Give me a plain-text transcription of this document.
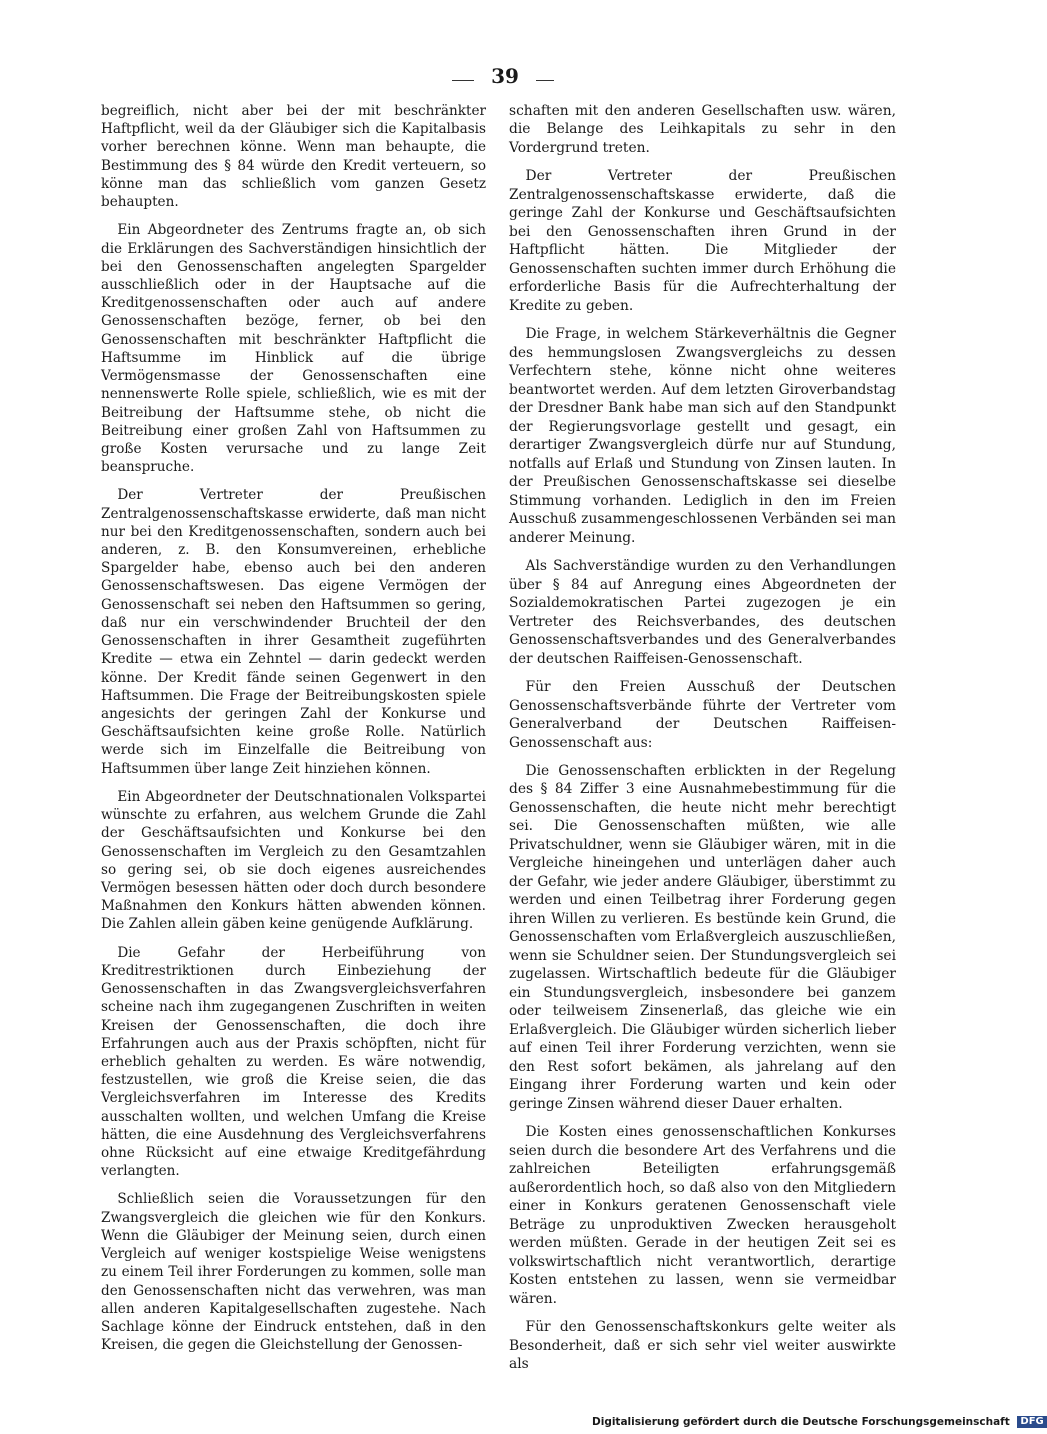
39

begreiflich, nicht aber bei der mit beschränkter Haftpflicht, weil da der Gläubiger sich die Kapitalbasis vorher berechnen könne. Wenn man behaupte, die Bestimmung des § 84 würde den Kredit verteuern, so könne man das schließlich vom ganzen Gesetz behaupten.

Ein Abgeordneter des Zentrums fragte an, ob sich die Erklärungen des Sachverständigen hinsichtlich der bei den Genossenschaften angelegten Spargelder ausschließlich oder in der Hauptsache auf die Kreditgenossenschaften oder auch auf andere Genossenschaften bezöge, ferner, ob bei den Genossenschaften mit beschränkter Haftpflicht die Haftsumme im Hinblick auf die übrige Vermögensmasse der Genossenschaften eine nennenswerte Rolle spiele, schließlich, wie es mit der Beitreibung der Haftsumme stehe, ob nicht die Beitreibung einer großen Zahl von Haftsummen zu große Kosten verursache und zu lange Zeit beanspruche.

Der Vertreter der Preußischen Zentralgenossenschaftskasse erwiderte, daß man nicht nur bei den Kreditgenossenschaften, sondern auch bei anderen, z. B. den Konsumvereinen, erhebliche Spargelder habe, ebenso auch bei den anderen Genossenschaftswesen. Das eigene Vermögen der Genossenschaft sei neben den Haftsummen so gering, daß nur ein verschwindender Bruchteil der den Genossenschaften in ihrer Gesamtheit zugeführten Kredite — etwa ein Zehntel — darin gedeckt werden könne. Der Kredit fände seinen Gegenwert in den Haftsummen. Die Frage der Beitreibungskosten spiele angesichts der geringen Zahl der Konkurse und Geschäftsaufsichten keine große Rolle. Natürlich werde sich im Einzelfalle die Beitreibung von Haftsummen über lange Zeit hinziehen können.

Ein Abgeordneter der Deutschnationalen Volkspartei wünschte zu erfahren, aus welchem Grunde die Zahl der Geschäftsaufsichten und Konkurse bei den Genossenschaften im Vergleich zu den Gesamtzahlen so gering sei, ob sie doch eigenes ausreichendes Vermögen besessen hätten oder doch durch besondere Maßnahmen den Konkurs hätten abwenden können. Die Zahlen allein gäben keine genügende Aufklärung.

Die Gefahr der Herbeiführung von Kreditrestriktionen durch Einbeziehung der Genossenschaften in das Zwangsvergleichsverfahren scheine nach ihm zugegangenen Zuschriften in weiten Kreisen der Genossenschaften, die doch ihre Erfahrungen auch aus der Praxis schöpften, nicht für erheblich gehalten zu werden. Es wäre notwendig, festzustellen, wie groß die Kreise seien, die das Vergleichsverfahren im Interesse des Kredits ausschalten wollten, und welchen Umfang die Kreise hätten, die eine Ausdehnung des Vergleichsverfahrens ohne Rücksicht auf eine etwaige Kreditgefährdung verlangten.

Schließlich seien die Voraussetzungen für den Zwangsvergleich die gleichen wie für den Konkurs. Wenn die Gläubiger der Meinung seien, durch einen Vergleich auf weniger kostspielige Weise wenigstens zu einem Teil ihrer Forderungen zu kommen, solle man den Genossenschaften nicht das verwehren, was man allen anderen Kapitalgesellschaften zugestehe. Nach Sachlage könne der Eindruck entstehen, daß in den Kreisen, die gegen die Gleichstellung der Genossen-

schaften mit den anderen Gesellschaften usw. wären, die Belange des Leihkapitals zu sehr in den Vordergrund treten.

Der Vertreter der Preußischen Zentralgenossenschaftskasse erwiderte, daß die geringe Zahl der Konkurse und Geschäftsaufsichten bei den Genossenschaften ihren Grund in der Haftpflicht hätten. Die Mitglieder der Genossenschaften suchten immer durch Erhöhung die erforderliche Basis für die Aufrechterhaltung der Kredite zu geben.

Die Frage, in welchem Stärkeverhältnis die Gegner des hemmungslosen Zwangsvergleichs zu dessen Verfechtern stehe, könne nicht ohne weiteres beantwortet werden. Auf dem letzten Giroverbandstag der Dresdner Bank habe man sich auf den Standpunkt der Regierungsvorlage gestellt und gesagt, ein derartiger Zwangsvergleich dürfe nur auf Stundung, notfalls auf Erlaß und Stundung von Zinsen lauten. In der Preußischen Genossenschaftskasse sei dieselbe Stimmung vorhanden. Lediglich in den im Freien Ausschuß zusammengeschlossenen Verbänden sei man anderer Meinung.

Als Sachverständige wurden zu den Verhandlungen über § 84 auf Anregung eines Abgeordneten der Sozialdemokratischen Partei zugezogen je ein Vertreter des Reichsverbandes, des deutschen Genossenschaftsverbandes und des Generalverbandes der deutschen Raiffeisen-Genossenschaft.

Für den Freien Ausschuß der Deutschen Genossenschaftsverbände führte der Vertreter vom Generalverband der Deutschen Raiffeisen-Genossenschaft aus:

Die Genossenschaften erblickten in der Regelung des § 84 Ziffer 3 eine Ausnahmebestimmung für die Genossenschaften, die heute nicht mehr berechtigt sei. Die Genossenschaften müßten, wie alle Privatschuldner, wenn sie Gläubiger wären, mit in die Vergleiche hineingehen und unterlägen daher auch der Gefahr, wie jeder andere Gläubiger, überstimmt zu werden und einen Teilbetrag ihrer Forderung gegen ihren Willen zu verlieren. Es bestünde kein Grund, die Genossenschaften vom Erlaßvergleich auszuschließen, wenn sie Schuldner seien. Der Stundungsvergleich sei zugelassen. Wirtschaftlich bedeute für die Gläubiger ein Stundungsvergleich, insbesondere bei ganzem oder teilweisem Zinsenerlaß, das gleiche wie ein Erlaßvergleich. Die Gläubiger würden sicherlich lieber auf einen Teil ihrer Forderung verzichten, wenn sie den Rest sofort bekämen, als jahrelang auf den Eingang ihrer Forderung warten und kein oder geringe Zinsen während dieser Dauer erhalten.

Die Kosten eines genossenschaftlichen Konkurses seien durch die besondere Art des Verfahrens und die zahlreichen Beteiligten erfahrungsgemäß außerordentlich hoch, so daß also von den Mitgliedern einer in Konkurs geratenen Genossenschaft viele Beträge zu unproduktiven Zwecken herausgeholt werden müßten. Gerade in der heutigen Zeit sei es volkswirtschaftlich nicht verantwortlich, derartige Kosten entstehen zu lassen, wenn sie vermeidbar wären.

Für den Genossenschaftskonkurs gelte weiter als Besonderheit, daß er sich sehr viel weiter auswirkte als

Digitalisierung gefördert durch die Deutsche Forschungsgemeinschaft DFG
